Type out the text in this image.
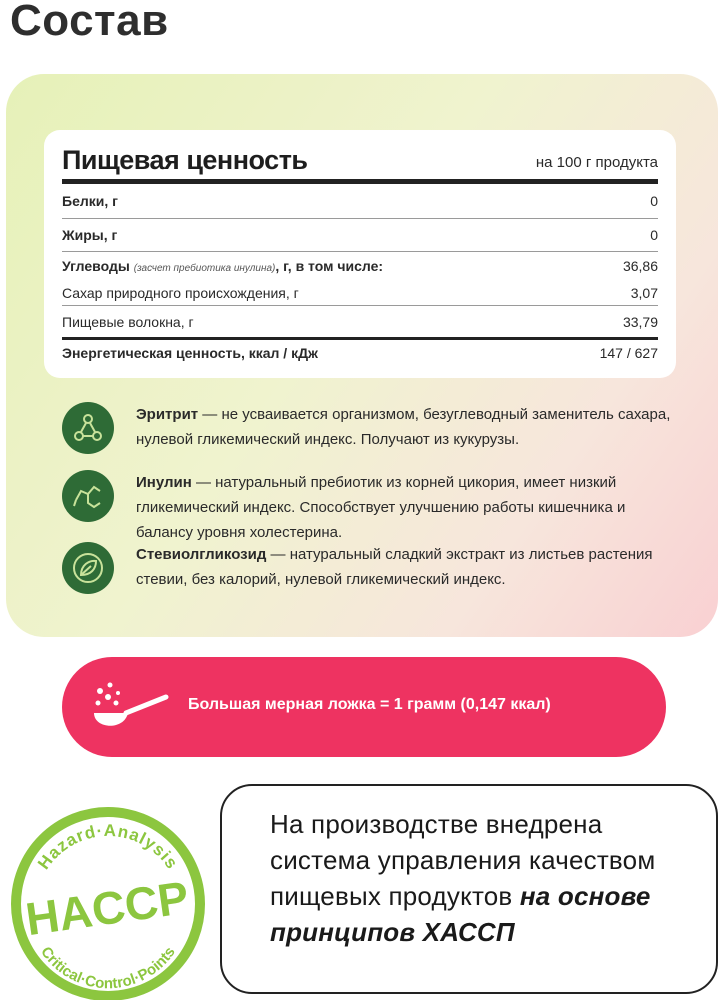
Состав
Пищевая ценность	на 100 г продукта
Белки, г	0
Жиры, г	0
Углеводы (засчет пребиотика инулина), г, в том числе:	36,86
Сахар природного происхождения, г	3,07
Пищевые волокна, г	33,79
Энергетическая ценность, ккал / кДж	147 / 627
Эритрит — не усваивается организмом, безуглеводный заменитель сахара, нулевой гликемический индекс. Получают из кукурузы.
Инулин — натуральный пребиотик из корней цикория, имеет низкий гликемический индекс. Способствует улучшению работы кишечника и балансу уровня холестерина.
Стевиолгликозид — натуральный сладкий экстракт из листьев растения стевии, без калорий, нулевой гликемический индекс.
Большая мерная ложка = 1 грамм (0,147 ккал)
Hazard·Analysis
HACCP
Critical·Control·Points
На производстве внедрена система управления качеством пищевых продуктов на основе принципов ХАССП
